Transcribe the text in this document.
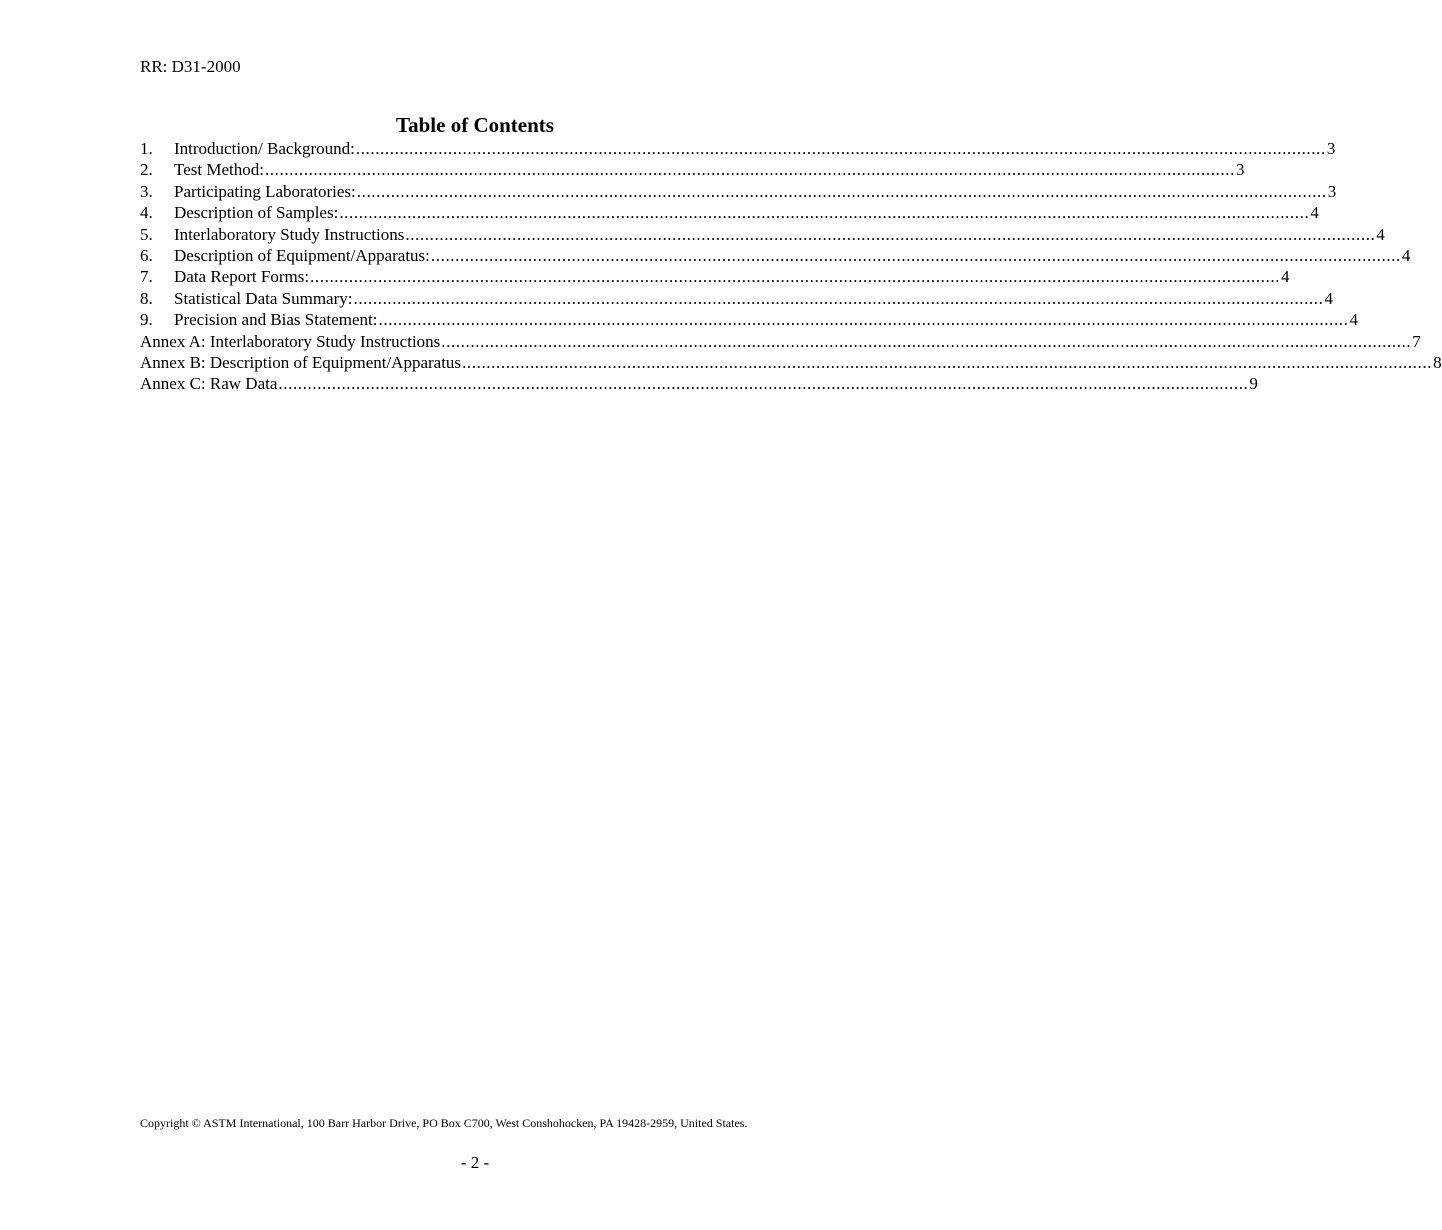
RR: D31-2000
Table of Contents
1.	Introduction/ Background: ........................................................................................................................................................................................................ 3
2.	Test Method: ........................................................................................................................................................................................................ 3
3.	Participating Laboratories: ........................................................................................................................................................................................................ 3
4.	Description of Samples: ........................................................................................................................................................................................................ 4
5.	Interlaboratory Study Instructions ........................................................................................................................................................................................................ 4
6.	Description of Equipment/Apparatus: ........................................................................................................................................................................................................ 4
7.	Data Report Forms: ........................................................................................................................................................................................................ 4
8.	Statistical Data Summary: ........................................................................................................................................................................................................ 4
9.	Precision and Bias Statement: ........................................................................................................................................................................................................ 4
Annex A: Interlaboratory Study Instructions ........................................................................................................................................................................................................ 7
Annex B: Description of Equipment/Apparatus ........................................................................................................................................................................................................ 8
Annex C: Raw Data ........................................................................................................................................................................................................ 9
Copyright © ASTM International, 100 Barr Harbor Drive, PO Box C700, West Conshohocken, PA 19428-2959, United States.
- 2 -
